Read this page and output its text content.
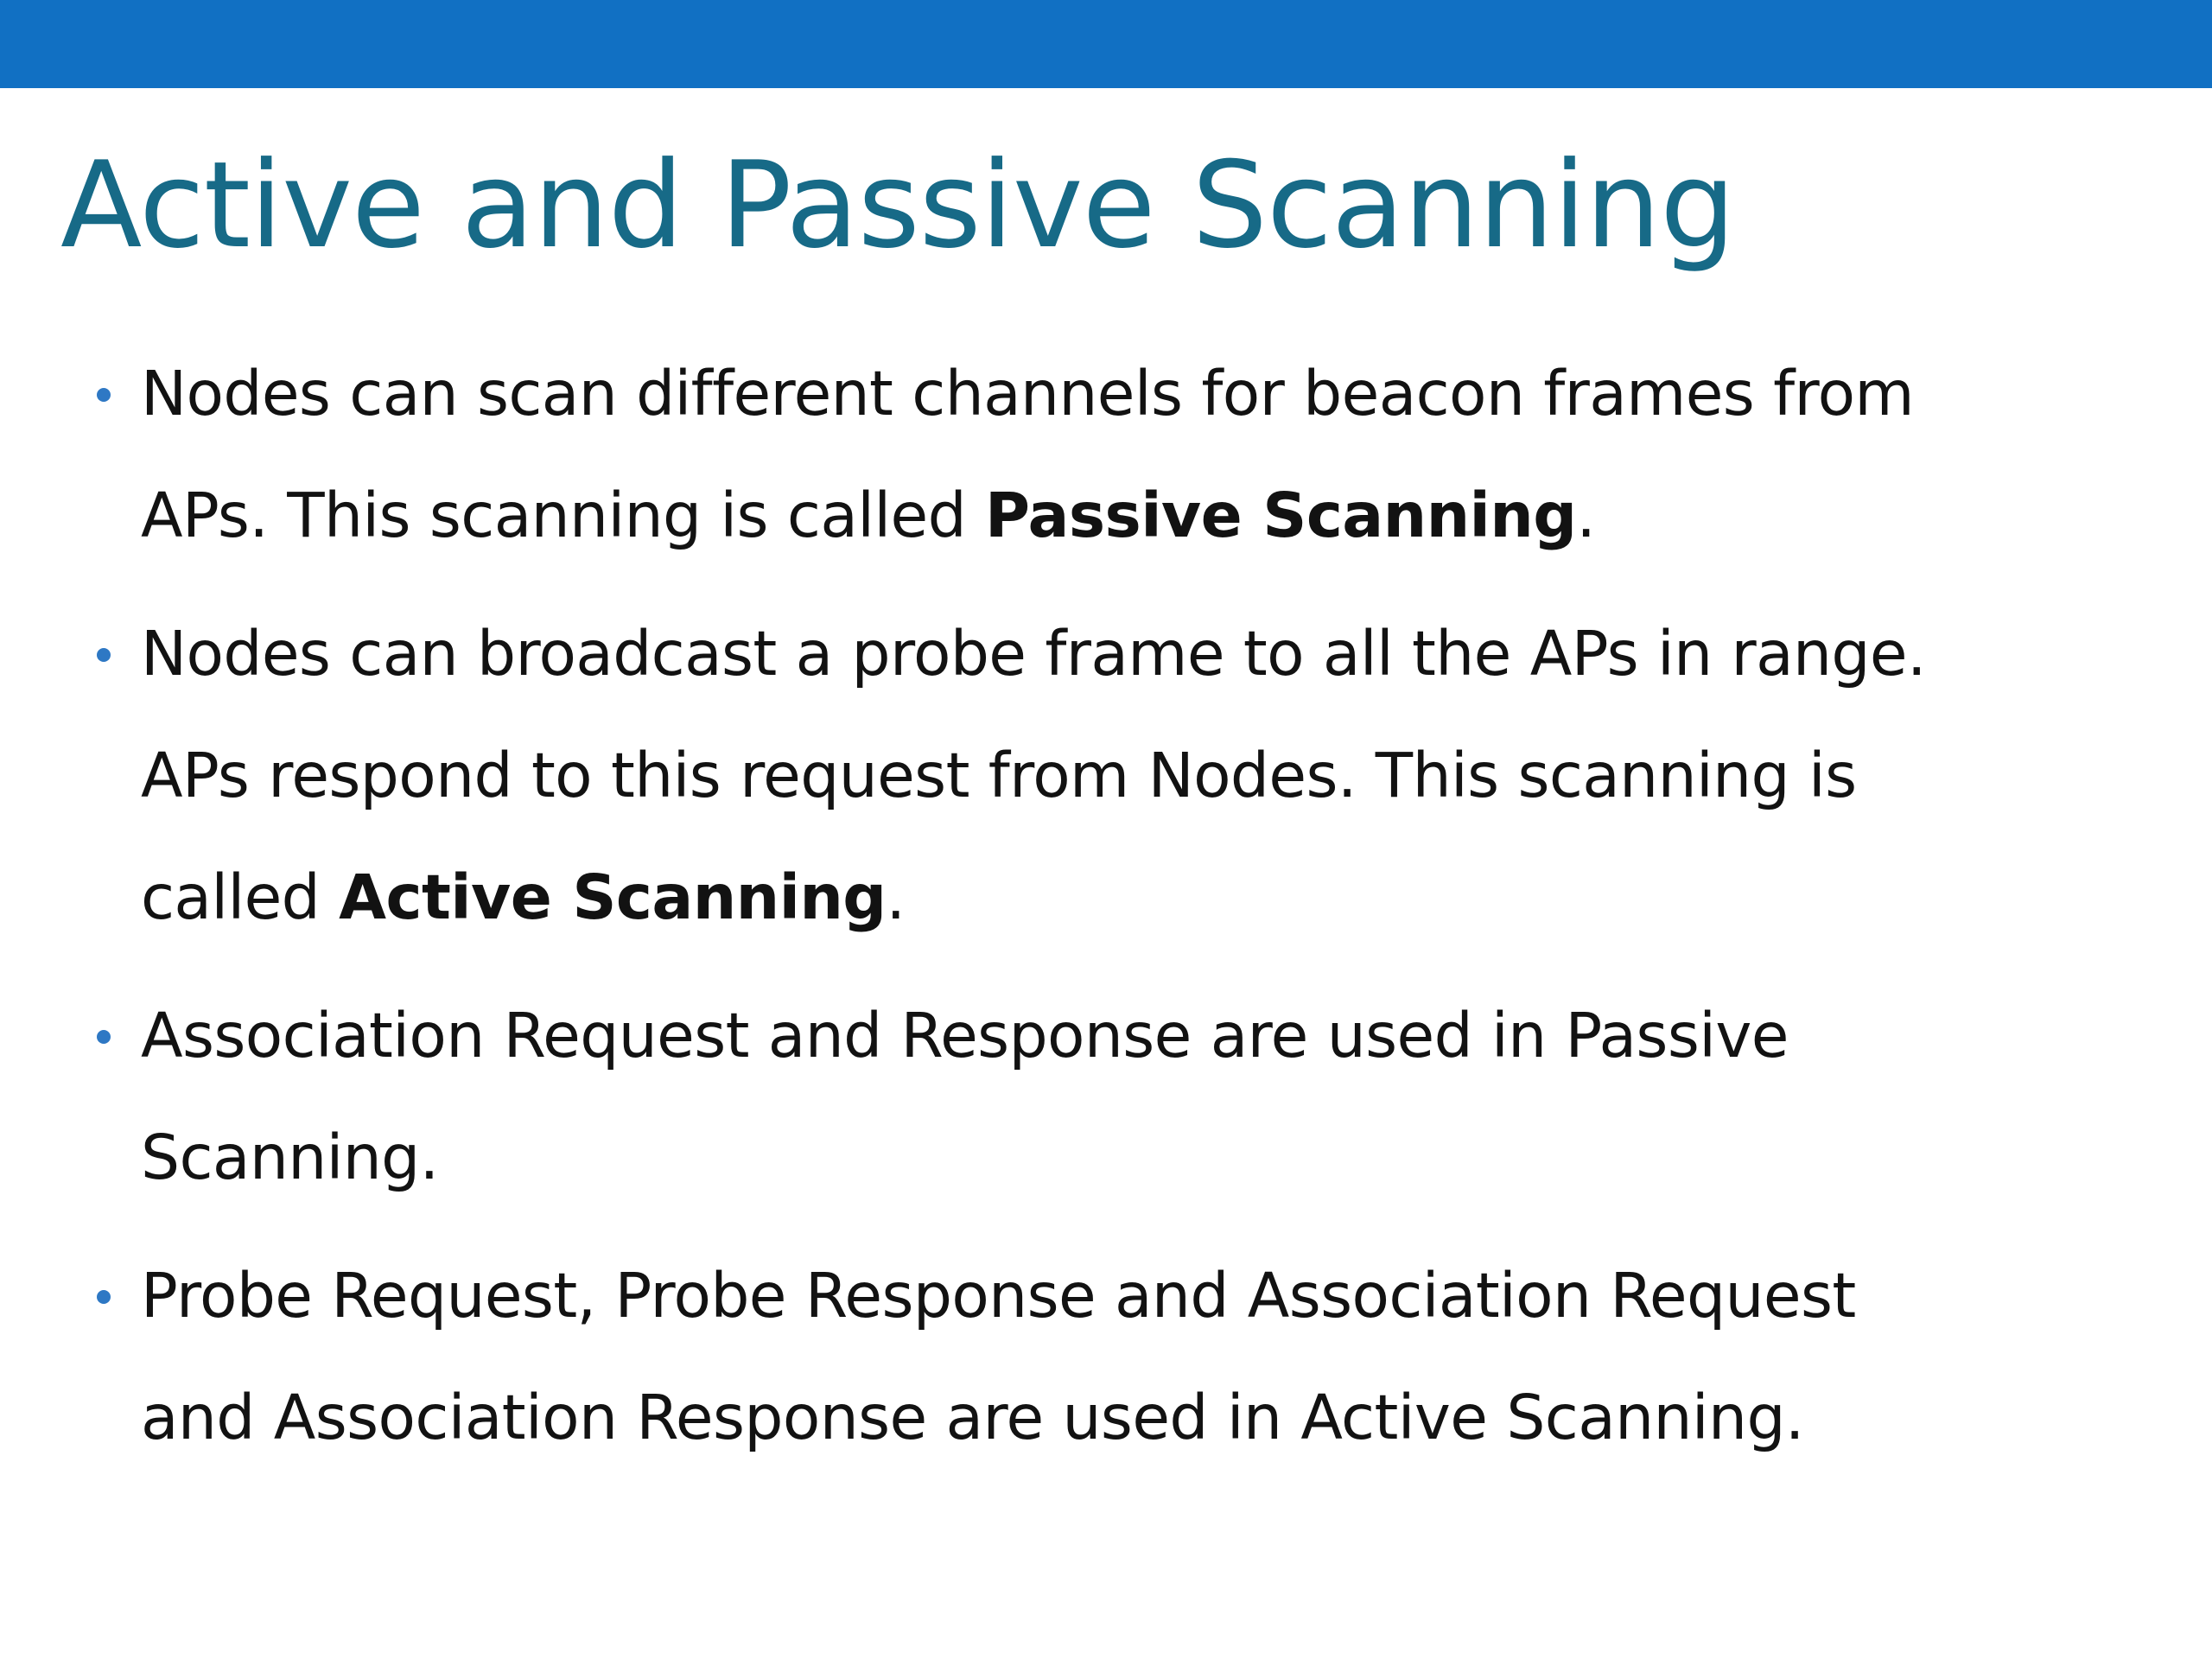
Active and Passive Scanning
Nodes can scan different channels for beacon frames from
APs. This scanning is called Passive Scanning.
Nodes can broadcast a probe frame to all the APs in range.
APs respond to this request from Nodes. This scanning is
called Active Scanning.
Association Request and Response are used in Passive
Scanning.
Probe Request, Probe Response and Association Request
and Association Response are used in Active Scanning.
